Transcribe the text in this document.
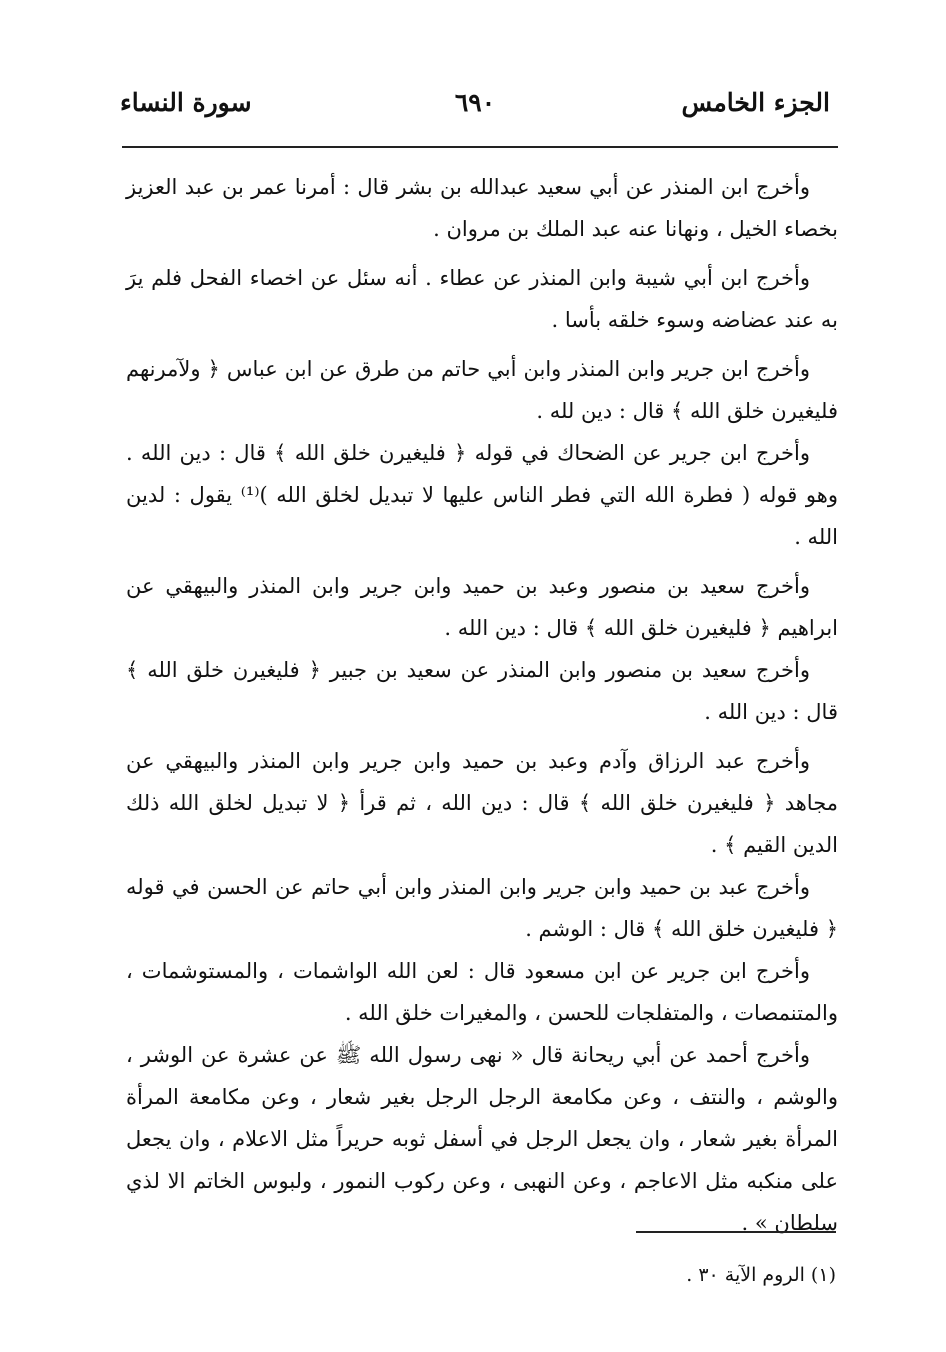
الجزء الخامس
٦٩٠
سورة النساء

وأخرج ابن المنذر عن أبي سعيد عبدالله بن بشر قال : أمرنا عمر بن عبد العزيز بخصاء الخيل ، ونهانا عنه عبد الملك بن مروان .

وأخرج ابن أبي شيبة وابن المنذر عن عطاء . أنه سئل عن اخصاء الفحل فلم يرَ به عند عضاضه وسوء خلقه بأسا .

وأخرج ابن جرير وابن المنذر وابن أبي حاتم من طرق عن ابن عباس ﴿ ولآمرنهم فليغيرن خلق الله ﴾ قال : دين لله .

وأخرج ابن جرير عن الضحاك في قوله ﴿ فليغيرن خلق الله ﴾ قال : دين الله . وهو قوله ( فطرة الله التي فطر الناس عليها لا تبديل لخلق الله )⁽¹⁾ يقول : لدين الله .

وأخرج سعيد بن منصور وعبد بن حميد وابن جرير وابن المنذر والبيهقي عن ابراهيم ﴿ فليغيرن خلق الله ﴾ قال : دين الله .

وأخرج سعيد بن منصور وابن المنذر عن سعيد بن جبير ﴿ فليغيرن خلق الله ﴾ قال : دين الله .

وأخرج عبد الرزاق وآدم وعبد بن حميد وابن جرير وابن المنذر والبيهقي عن مجاهد ﴿ فليغيرن خلق الله ﴾ قال : دين الله ، ثم قرأ ﴿ لا تبديل لخلق الله ذلك الدين القيم ﴾ .

وأخرج عبد بن حميد وابن جرير وابن المنذر وابن أبي حاتم عن الحسن في قوله ﴿ فليغيرن خلق الله ﴾ قال : الوشم .

وأخرج ابن جرير عن ابن مسعود قال : لعن الله الواشمات ، والمستوشمات ، والمتنمصات ، والمتفلجات للحسن ، والمغيرات خلق الله .

وأخرج أحمد عن أبي ريحانة قال « نهى رسول الله ﷺ عن عشرة عن الوشر ، والوشم ، والنتف ، وعن مكامعة الرجل الرجل بغير شعار ، وعن مكامعة المرأة المرأة بغير شعار ، وان يجعل الرجل في أسفل ثوبه حريراً مثل الاعلام ، وان يجعل على منكبه مثل الاعاجم ، وعن النهبى ، وعن ركوب النمور ، ولبوس الخاتم الا لذي سلطان » .

(١) الروم الآية ٣٠ .
